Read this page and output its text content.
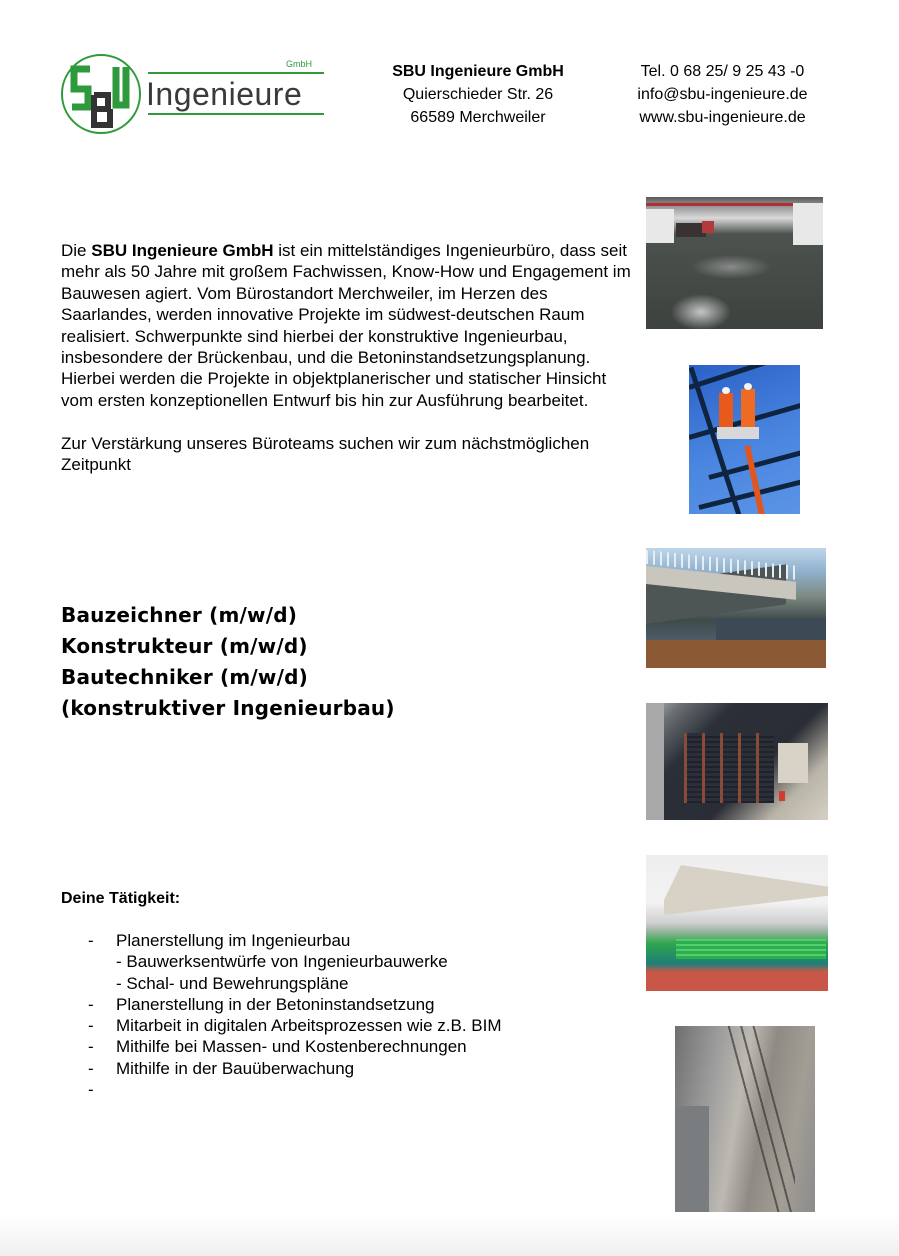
GmbH
Ingenieure
SBU Ingenieure GmbH
Quierschieder Str. 26
66589 Merchweiler
Tel. 0 68 25/ 9 25 43 -0
info@sbu-ingenieure.de
www.sbu-ingenieure.de

Die SBU Ingenieure GmbH ist ein mittelständiges Ingenieurbüro, dass seit mehr als 50 Jahre mit großem Fachwissen, Know-How und Engagement im Bauwesen agiert. Vom Bürostandort Merchweiler, im Herzen des Saarlandes, werden innovative Projekte im südwest-deutschen Raum realisiert. Schwerpunkte sind hierbei der konstruktive Ingenieurbau, insbesondere der Brückenbau, und die Betoninstandsetzungsplanung. Hierbei werden die Projekte in objektplanerischer und statischer Hinsicht vom ersten konzeptionellen Entwurf bis hin zur Ausführung bearbeitet.

Zur Verstärkung unseres Büroteams suchen wir zum nächstmöglichen Zeitpunkt

Bauzeichner (m/w/d)
Konstrukteur (m/w/d)
Bautechniker (m/w/d)
(konstruktiver Ingenieurbau)
Deine Tätigkeit:
- Planerstellung im Ingenieurbau
- Bauwerksentwürfe von Ingenieurbauwerke
- Schal- und Bewehrungspläne
- Planerstellung in der Betoninstandsetzung
- Mitarbeit in digitalen Arbeitsprozessen wie z.B. BIM
- Mithilfe bei Massen- und Kostenberechnungen
- Mithilfe in der Bauüberwachung
-
